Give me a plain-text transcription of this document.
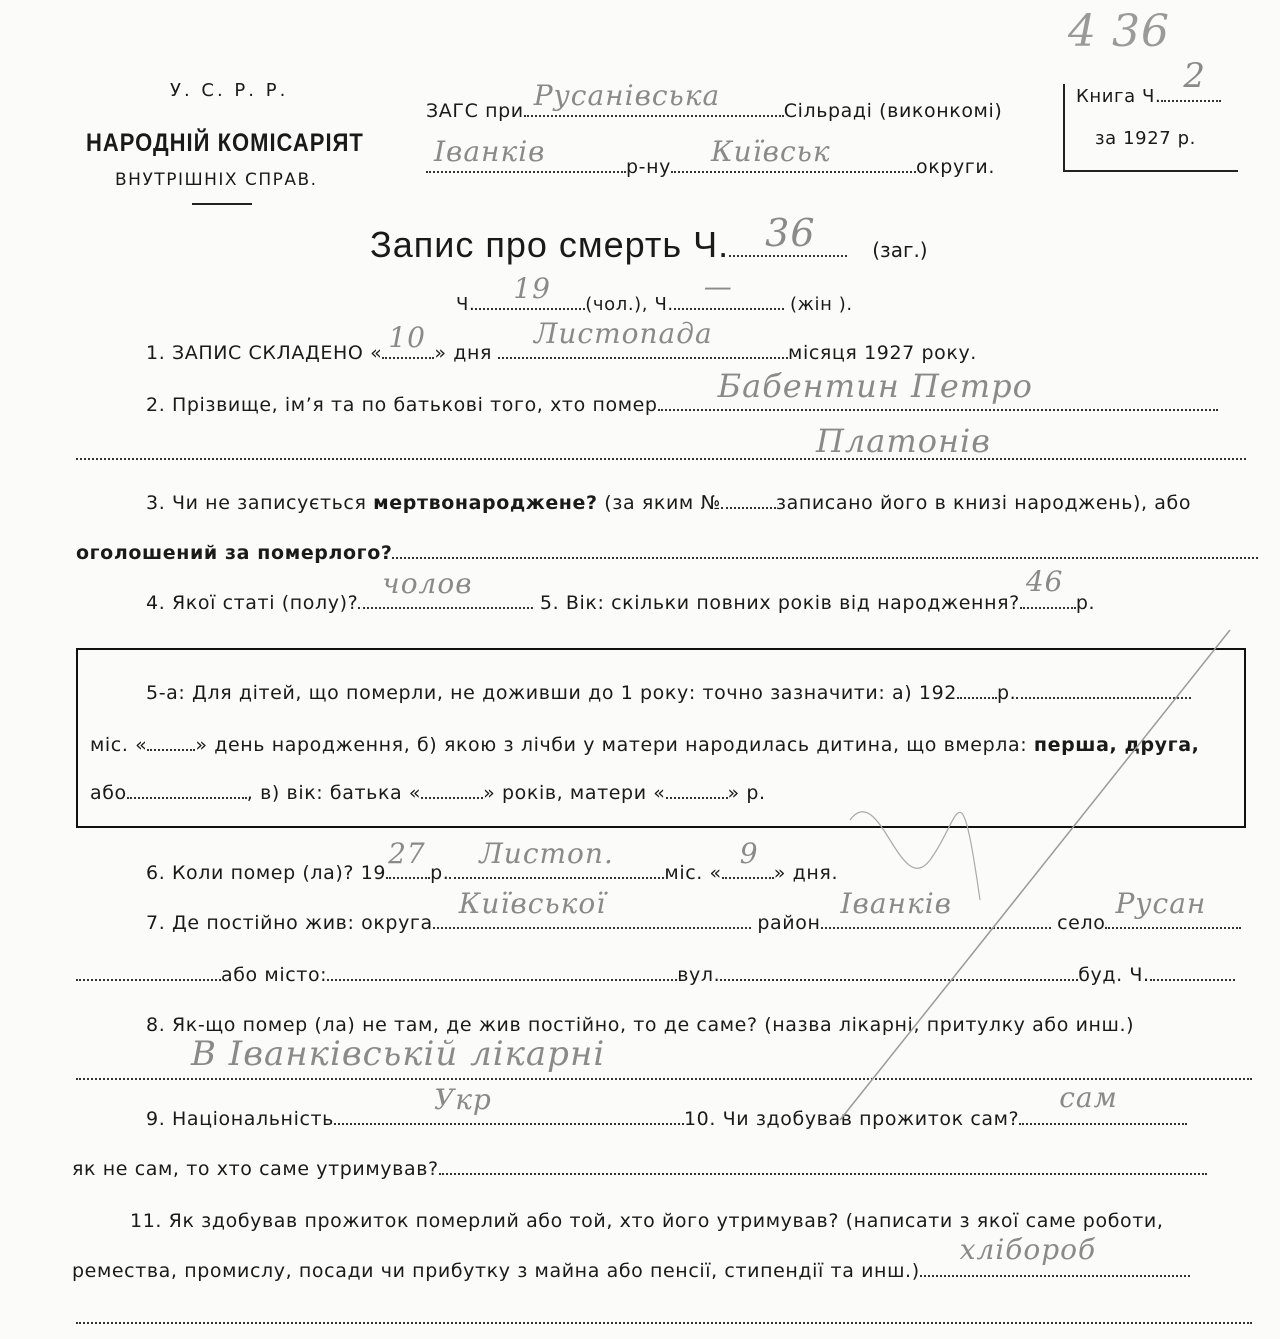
У. С. Р. Р.
НАРОДНІЙ КОМІСАРІЯТ
ВНУТРІШНІХ СПРАВ.
ЗАГС при Русанівська	Сільраді (виконкомі)
Іванків	р-ну Київськ	округи.
Книга Ч.
2
за 1927 р.
4 36
Запис про смерть Ч. 36	(заг.)
Ч. 19 (чол.), Ч.
—
(жін ).
1. ЗАПИС СКЛАДЕНО « 10 » дня
Листопада
місяця 1927 року.
2. Прізвище, ім’я та по батькові того, хто помер Бабентин Петро
Платонів
3. Чи не записується мертвонароджене? (за яким №	записано його в книзі народжень), або
оголошений за померлого?
4. Якої статі (полу)?
чолов
5. Вік: скільки повних років від народження?
46
р.
5-а: Для дітей, що померли, не доживши до 1 року: точно зазначити: а) 192 р.
міс. «	» день народження, б) якою з лічби у матери народилась дитина, що вмерла: перша, друга,
або	, в) вік: батька «	» років, матери «	» р.
6. Коли помер (ла)? 19
27
р.
Листоп.
міс. «
9
» дня.
7. Де постійно жив: округа
Київської
район
Іванків
село
Русан
або місто:	вул.	буд. Ч.
8. Як-що помер (ла) не там, де жив постійно, то де саме? (назва лікарні, притулку або инш.)
В Іванківській лікарні
9. Національність
Укр
10. Чи здобував прожиток сам?
сам
як не сам, то хто саме утримував?
11. Як здобував прожиток померлий або той, хто його утримував? (написати з якої саме роботи,
ремества, промислу, посади чи прибутку з майна або пенсії, стипендії та инш.)
хлібороб
